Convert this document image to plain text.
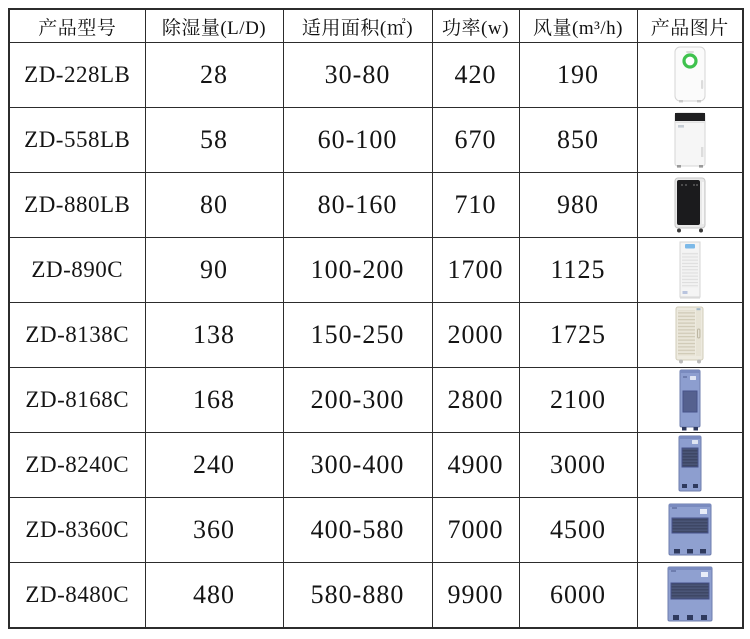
产品型号	除湿量(L/D)	适用面积(㎡)	功率(w)	风量(m³/h)	产品图片
ZD-228LB	28	30-80	420	190	

ZD-558LB	58	60-100	670	850	

ZD-880LB	80	80-160	710	980	

ZD-890C	90	100-200	1700	1125	

ZD-8138C	138	150-250	2000	1725	

ZD-8168C	168	200-300	2800	2100	

ZD-8240C	240	300-400	4900	3000	

ZD-8360C	360	400-580	7000	4500	

ZD-8480C	480	580-880	9900	6000	
